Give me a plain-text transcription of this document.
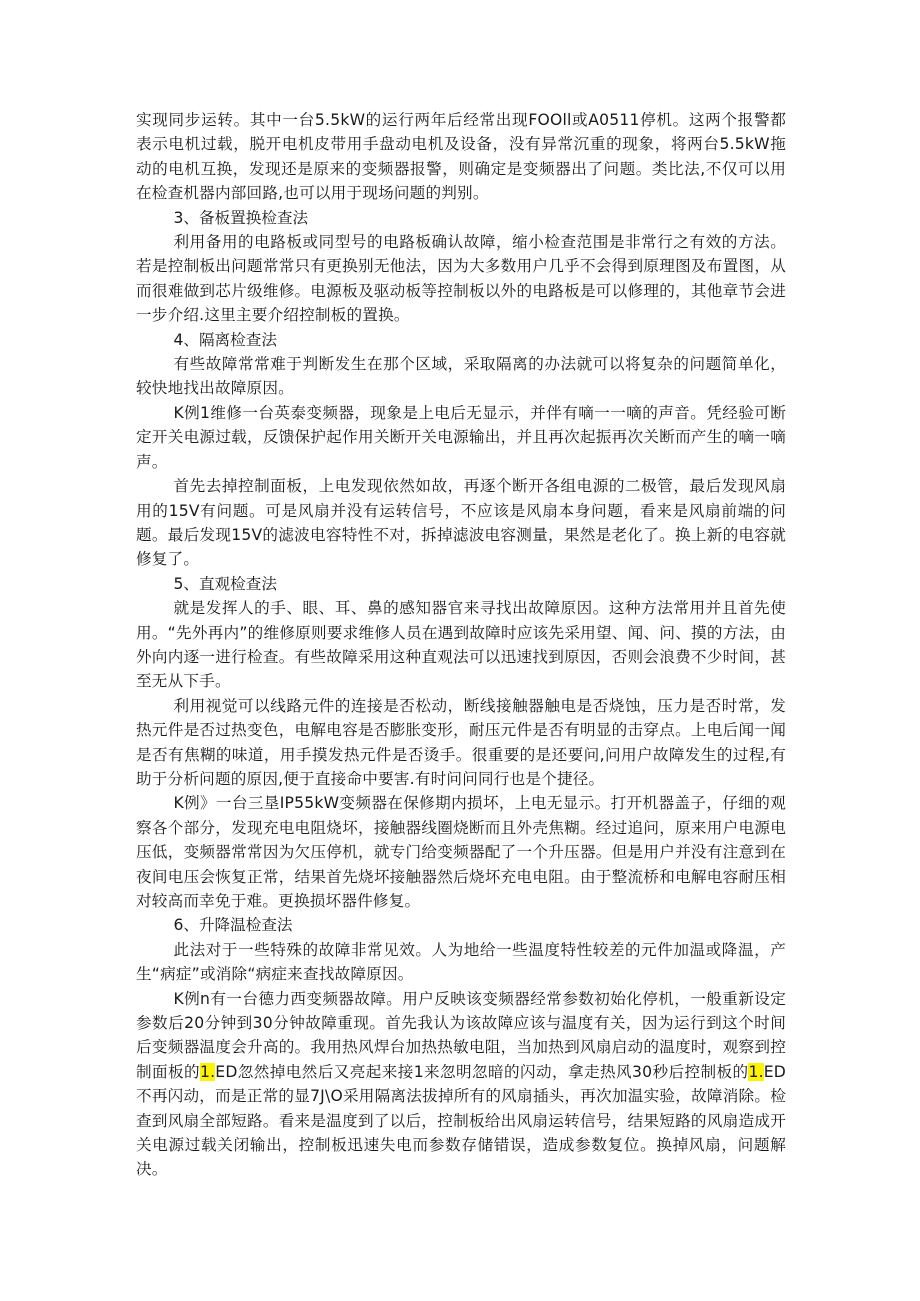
实现同步运转。其中一台5.5kW的运行两年后经常出现FOOll或A0511停机。这两个报警都表示电机过载，脱开电机皮带用手盘动电机及设备，没有异常沉重的现象，将两台5.5kW拖动的电机互换，发现还是原来的变频器报警，则确定是变频器出了问题。类比法,不仅可以用在检查机器内部回路,也可以用于现场问题的判别。

3、备板置换检查法

利用备用的电路板或同型号的电路板确认故障，缩小检查范围是非常行之有效的方法。若是控制板出问题常常只有更换别无他法，因为大多数用户几乎不会得到原理图及布置图，从而很难做到芯片级维修。电源板及驱动板等控制板以外的电路板是可以修理的，其他章节会进一步介绍.这里主要介绍控制板的置换。

4、隔离检查法

有些故障常常难于判断发生在那个区域，采取隔离的办法就可以将复杂的问题简单化，较快地找出故障原因。

K例1维修一台英泰变频器，现象是上电后无显示，并伴有嘀一一嘀的声音。凭经验可断定开关电源过载，反馈保护起作用关断开关电源输出，并且再次起振再次关断而产生的嘀一嘀声。

首先去掉控制面板，上电发现依然如故，再逐个断开各组电源的二极管，最后发现风扇用的15V有问题。可是风扇并没有运转信号，不应该是风扇本身问题，看来是风扇前端的问题。最后发现15V的滤波电容特性不对，拆掉滤波电容测量，果然是老化了。换上新的电容就修复了。

5、直观检查法

就是发挥人的手、眼、耳、鼻的感知器官来寻找出故障原因。这种方法常用并且首先使用。“先外再内”的维修原则要求维修人员在遇到故障时应该先采用望、闻、问、摸的方法，由外向内逐一进行检查。有些故障采用这种直观法可以迅速找到原因，否则会浪费不少时间，甚至无从下手。

利用视觉可以线路元件的连接是否松动，断线接触器触电是否烧蚀，压力是否时常，发热元件是否过热变色，电解电容是否膨胀变形，耐压元件是否有明显的击穿点。上电后闻一闻是否有焦糊的味道，用手摸发热元件是否烫手。很重要的是还要问,问用户故障发生的过程,有助于分析问题的原因,便于直接命中要害.有时问问同行也是个捷径。

K例》一台三垦IP55kW变频器在保修期内损坏，上电无显示。打开机器盖子，仔细的观察各个部分，发现充电电阻烧坏，接触器线圈烧断而且外壳焦糊。经过追问，原来用户电源电压低，变频器常常因为欠压停机，就专门给变频器配了一个升压器。但是用户并没有注意到在夜间电压会恢复正常，结果首先烧坏接触器然后烧坏充电电阻。由于整流桥和电解电容耐压相对较高而幸免于难。更换损坏器件修复。

6、升降温检查法

此法对于一些特殊的故障非常见效。人为地给一些温度特性较差的元件加温或降温，产生“病症”或消除“病症来查找故障原因。

K例n有一台德力西变频器故障。用户反映该变频器经常参数初始化停机，一般重新设定参数后20分钟到30分钟故障重现。首先我认为该故障应该与温度有关，因为运行到这个时间后变频器温度会升高的。我用热风焊台加热热敏电阻，当加热到风扇启动的温度时，观察到控制面板的1.ED忽然掉电然后又亮起来接1来忽明忽暗的闪动，拿走热风30秒后控制板的1.ED不再闪动，而是正常的显7J\O采用隔离法拔掉所有的风扇插头，再次加温实验，故障消除。检查到风扇全部短路。看来是温度到了以后，控制板给出风扇运转信号，结果短路的风扇造成开关电源过载关闭输出，控制板迅速失电而参数存储错误，造成参数复位。换掉风扇，问题解决。
